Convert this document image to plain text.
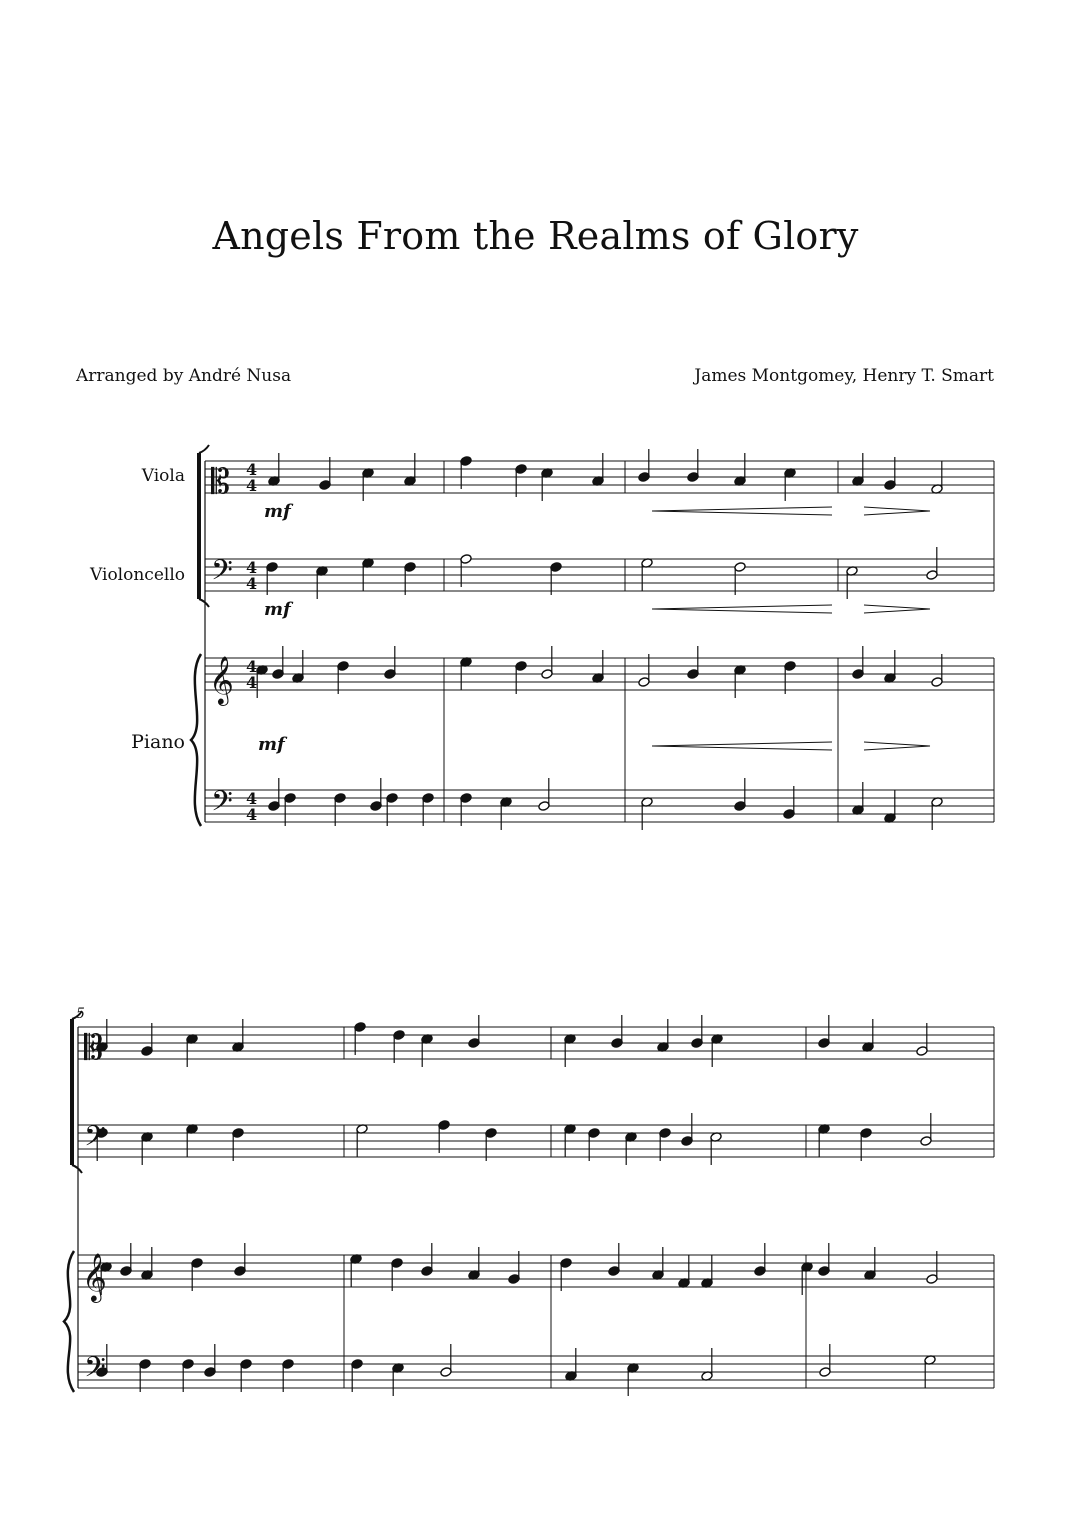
Angels From the Realms of Glory
Arranged by André Nusa	James Montgomey, Henry T. Smart
Viola
Violoncello
Piano
𝄡
𝄢
𝄞
𝄢
𝄡
𝄢
𝄞
𝄢
4
4
4
4
4
4
4
4
mf
mf
mf
5
